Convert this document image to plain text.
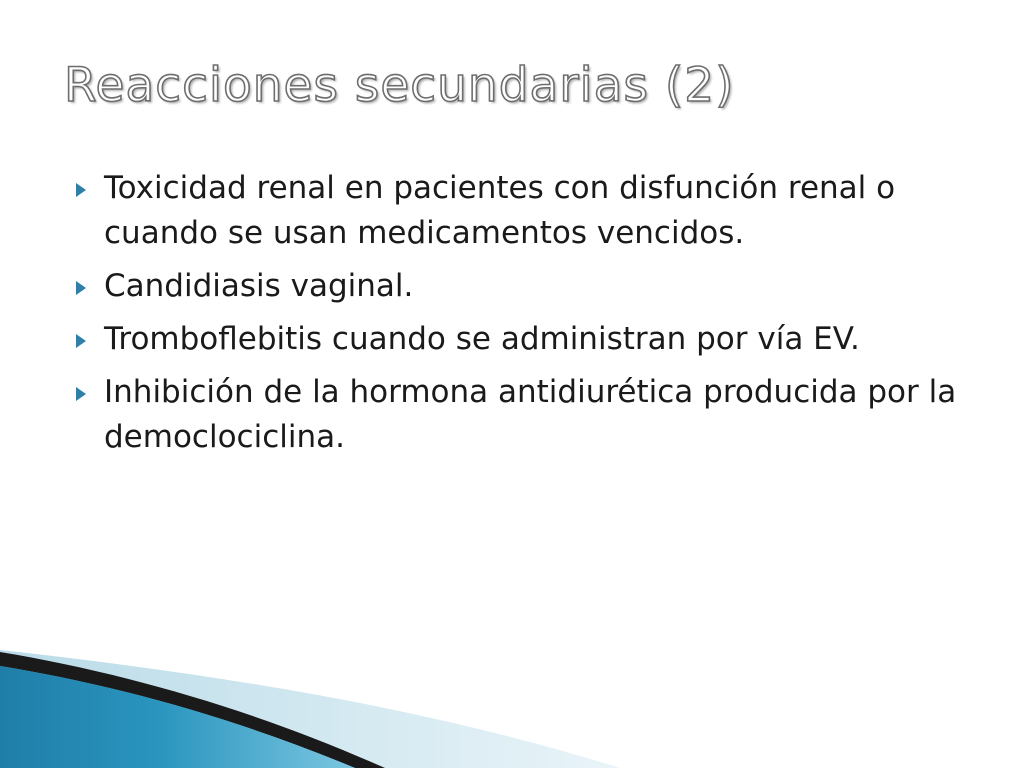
Reacciones secundarias (2)
Toxicidad renal en pacientes con disfunción renal o cuando se usan medicamentos vencidos.
Candidiasis vaginal.
Tromboflebitis cuando se administran por vía EV.
Inhibición de la hormona antidiurética producida por la democlociclina.
